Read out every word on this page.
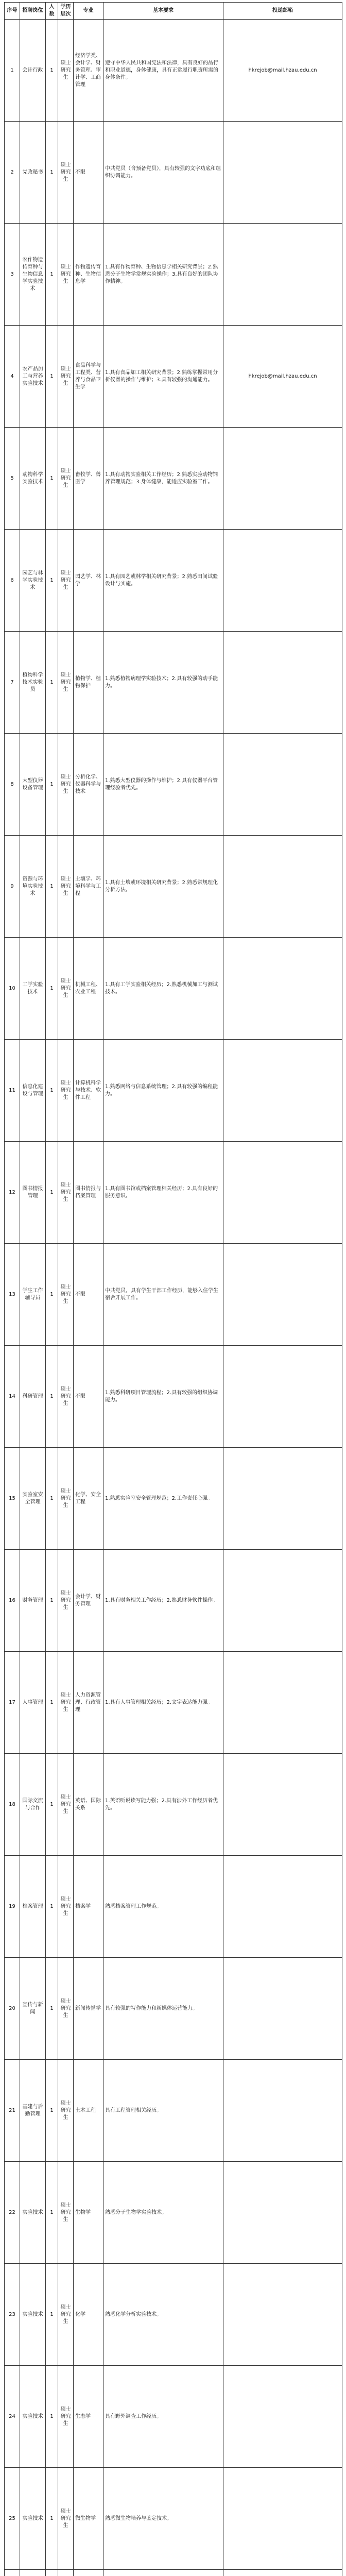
序号	招聘岗位	人数	学历层次	专业	基本要求	投递邮箱
1	会计行政	1	硕士研究生	经济学类、会计学、财务管理、审计学、工商管理	遵守中华人民共和国宪法和法律，具有良好的品行和职业道德，身体健康，具有正常履行职责所需的身体条件。	hkrejob@mail.hzau.edu.cn
2	党政秘书	1	硕士研究生	不限	中共党员（含预备党员），具有较强的文字功底和组织协调能力。	
3	农作物遗传育种与生物信息学实验技术	1	硕士研究生	作物遗传育种、生物信息学	1.具有作物育种、生物信息学相关研究背景；2.熟悉分子生物学常规实验操作；3.具有良好的团队协作精神。	
4	农产品加工与营养实验技术	1	硕士研究生	食品科学与工程类、营养与食品卫生学	1.具有食品加工相关研究背景；2.熟练掌握常用分析仪器的操作与维护；3.具有较强的沟通能力。	hkrejob@mail.hzau.edu.cn
5	动物科学实验技术	1	硕士研究生	畜牧学、兽医学	1.具有动物实验相关工作经历；2.熟悉实验动物饲养管理规范；3.身体健康，能适应实验室工作。	
6	园艺与林学实验技术	1	硕士研究生	园艺学、林学	1.具有园艺或林学相关研究背景；2.熟悉田间试验设计与实施。	
7	植物科学技术实验员	1	硕士研究生	植物学、植物保护	1.熟悉植物病理学实验技术；2.具有较强的动手能力。	
8	大型仪器设备管理	1	硕士研究生	分析化学、仪器科学与技术	1.熟悉大型仪器的操作与维护；2.具有仪器平台管理经验者优先。	
9	资源与环境实验技术	1	硕士研究生	土壤学、环境科学与工程	1.具有土壤或环境相关研究背景；2.熟悉常规理化分析方法。	
10	工学实验技术	1	硕士研究生	机械工程、农业工程	1.具有工学实验相关经历；2.熟悉机械加工与测试技术。	
11	信息化建设与管理	1	硕士研究生	计算机科学与技术、软件工程	1.熟悉网络与信息系统管理；2.具有较强的编程能力。	
12	图书情报管理	1	硕士研究生	图书情报与档案管理	1.具有图书馆或档案管理相关经历；2.具有良好的服务意识。	
13	学生工作辅导员	1	硕士研究生	不限	中共党员，具有学生干部工作经历，能够入住学生宿舍开展工作。	
14	科研管理	1	硕士研究生	不限	1.熟悉科研项目管理流程；2.具有较强的组织协调能力。	
15	实验室安全管理	1	硕士研究生	化学、安全工程	1.熟悉实验室安全管理规范；2.工作责任心强。	
16	财务管理	1	硕士研究生	会计学、财务管理	1.具有财务相关工作经历；2.熟悉财务软件操作。	
17	人事管理	1	硕士研究生	人力资源管理、行政管理	1.具有人事管理相关经历；2.文字表达能力强。	
18	国际交流与合作	1	硕士研究生	英语、国际关系	1.英语听说读写能力强；2.具有涉外工作经历者优先。	
19	档案管理	1	硕士研究生	档案学	熟悉档案管理工作规范。	
20	宣传与新闻	1	硕士研究生	新闻传播学	具有较强的写作能力和新媒体运营能力。	
21	基建与后勤管理	1	硕士研究生	土木工程	具有工程管理相关经历。	
22	实验技术	1	硕士研究生	生物学	熟悉分子生物学实验技术。	
23	实验技术	1	硕士研究生	化学	熟悉化学分析实验技术。	
24	实验技术	1	硕士研究生	生态学	具有野外调查工作经历。	
25	实验技术	1	硕士研究生	微生物学	熟悉微生物培养与鉴定技术。	
